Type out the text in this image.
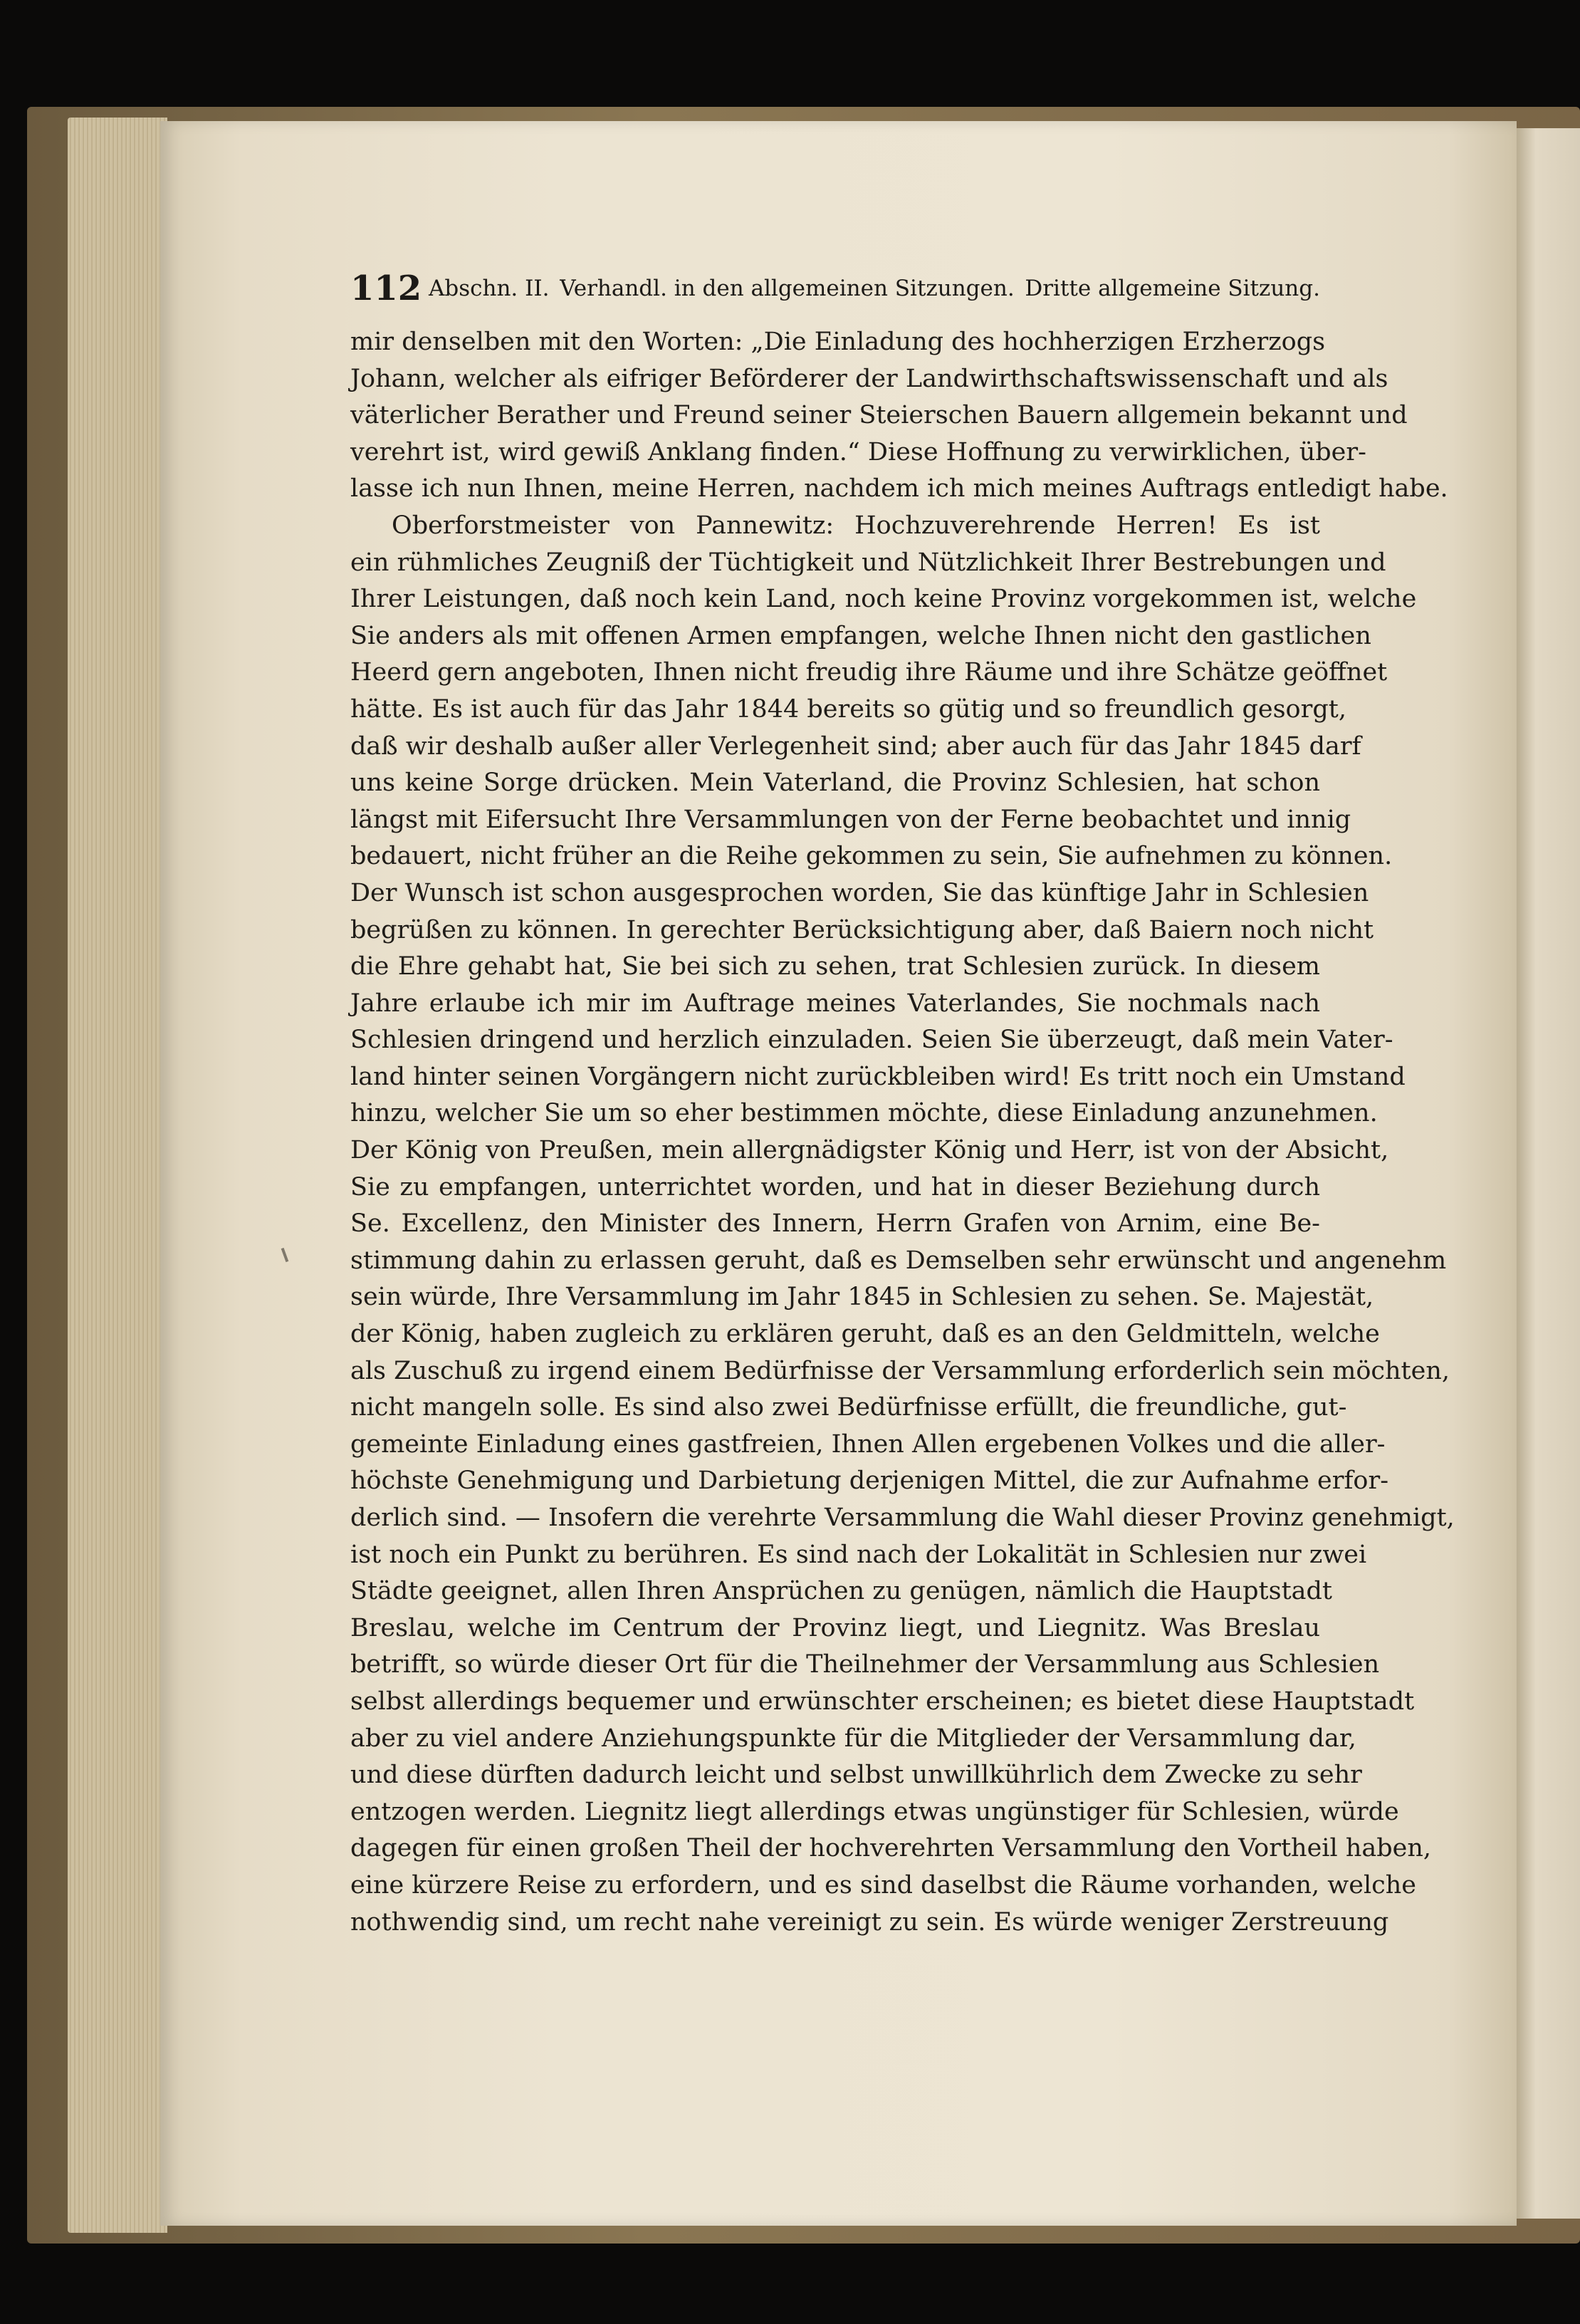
112 Abschn. II. Verhandl. in den allgemeinen Sitzungen. Dritte allgemeine Sitzung.
mir denselben mit den Worten: „Die Einladung des hochherzigen Erzherzogs
Johann, welcher als eifriger Beförderer der Landwirthschaftswissenschaft und als
väterlicher Berather und Freund seiner Steierschen Bauern allgemein bekannt und
verehrt ist, wird gewiß Anklang finden.“ Diese Hoffnung zu verwirklichen, über-
lasse ich nun Ihnen, meine Herren, nachdem ich mich meines Auftrags entledigt habe.
Oberforstmeister von Pannewitz: Hochzuverehrende Herren! Es ist
ein rühmliches Zeugniß der Tüchtigkeit und Nützlichkeit Ihrer Bestrebungen und
Ihrer Leistungen, daß noch kein Land, noch keine Provinz vorgekommen ist, welche
Sie anders als mit offenen Armen empfangen, welche Ihnen nicht den gastlichen
Heerd gern angeboten, Ihnen nicht freudig ihre Räume und ihre Schätze geöffnet
hätte. Es ist auch für das Jahr 1844 bereits so gütig und so freundlich gesorgt,
daß wir deshalb außer aller Verlegenheit sind; aber auch für das Jahr 1845 darf
uns keine Sorge drücken. Mein Vaterland, die Provinz Schlesien, hat schon
längst mit Eifersucht Ihre Versammlungen von der Ferne beobachtet und innig
bedauert, nicht früher an die Reihe gekommen zu sein, Sie aufnehmen zu können.
Der Wunsch ist schon ausgesprochen worden, Sie das künftige Jahr in Schlesien
begrüßen zu können. In gerechter Berücksichtigung aber, daß Baiern noch nicht
die Ehre gehabt hat, Sie bei sich zu sehen, trat Schlesien zurück. In diesem
Jahre erlaube ich mir im Auftrage meines Vaterlandes, Sie nochmals nach
Schlesien dringend und herzlich einzuladen. Seien Sie überzeugt, daß mein Vater-
land hinter seinen Vorgängern nicht zurückbleiben wird! Es tritt noch ein Umstand
hinzu, welcher Sie um so eher bestimmen möchte, diese Einladung anzunehmen.
Der König von Preußen, mein allergnädigster König und Herr, ist von der Absicht,
Sie zu empfangen, unterrichtet worden, und hat in dieser Beziehung durch
Se. Excellenz, den Minister des Innern, Herrn Grafen von Arnim, eine Be-
stimmung dahin zu erlassen geruht, daß es Demselben sehr erwünscht und angenehm
sein würde, Ihre Versammlung im Jahr 1845 in Schlesien zu sehen. Se. Majestät,
der König, haben zugleich zu erklären geruht, daß es an den Geldmitteln, welche
als Zuschuß zu irgend einem Bedürfnisse der Versammlung erforderlich sein möchten,
nicht mangeln solle. Es sind also zwei Bedürfnisse erfüllt, die freundliche, gut-
gemeinte Einladung eines gastfreien, Ihnen Allen ergebenen Volkes und die aller-
höchste Genehmigung und Darbietung derjenigen Mittel, die zur Aufnahme erfor-
derlich sind. — Insofern die verehrte Versammlung die Wahl dieser Provinz genehmigt,
ist noch ein Punkt zu berühren. Es sind nach der Lokalität in Schlesien nur zwei
Städte geeignet, allen Ihren Ansprüchen zu genügen, nämlich die Hauptstadt
Breslau, welche im Centrum der Provinz liegt, und Liegnitz. Was Breslau
betrifft, so würde dieser Ort für die Theilnehmer der Versammlung aus Schlesien
selbst allerdings bequemer und erwünschter erscheinen; es bietet diese Hauptstadt
aber zu viel andere Anziehungspunkte für die Mitglieder der Versammlung dar,
und diese dürften dadurch leicht und selbst unwillkührlich dem Zwecke zu sehr
entzogen werden. Liegnitz liegt allerdings etwas ungünstiger für Schlesien, würde
dagegen für einen großen Theil der hochverehrten Versammlung den Vortheil haben,
eine kürzere Reise zu erfordern, und es sind daselbst die Räume vorhanden, welche
nothwendig sind, um recht nahe vereinigt zu sein. Es würde weniger Zerstreuung
